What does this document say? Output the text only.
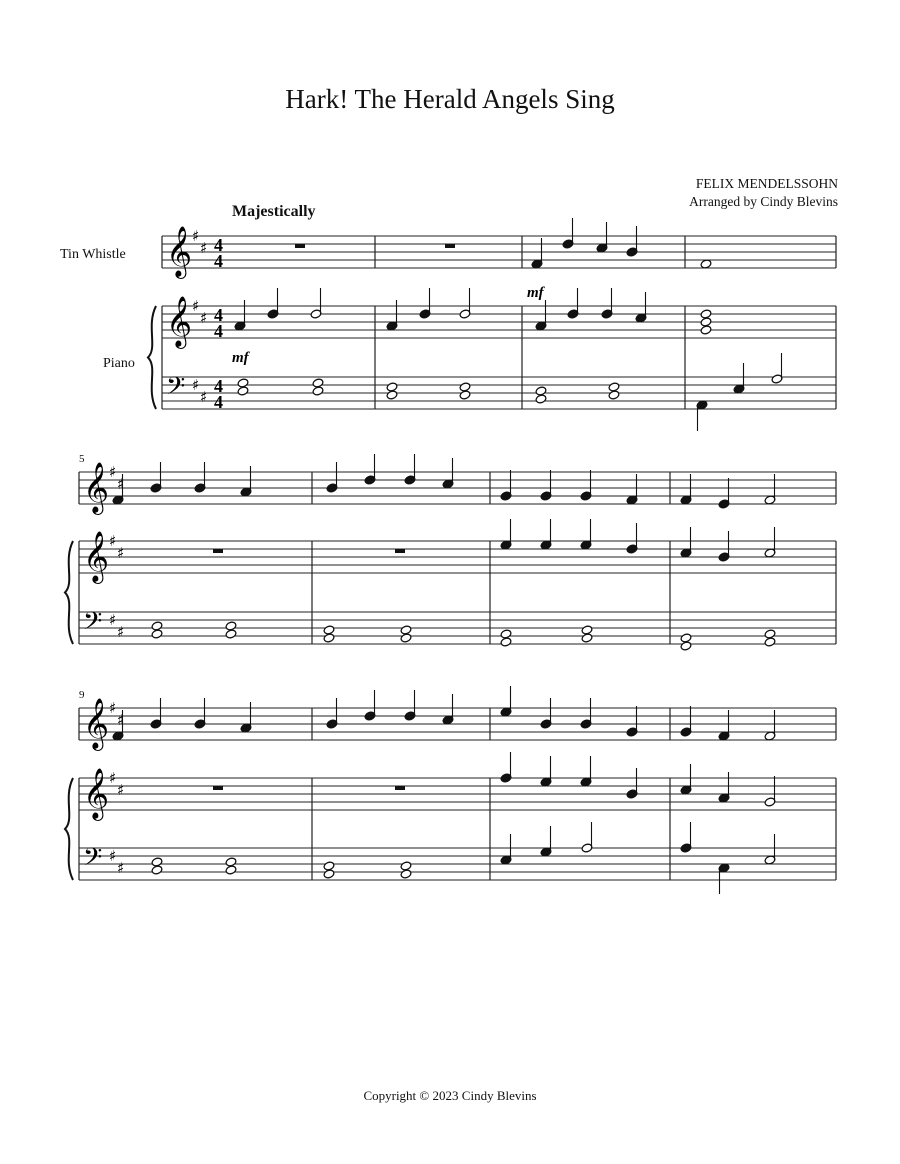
Hark! The Herald Angels Sing
FELIX MENDELSSOHN
Arranged by Cindy Blevins
Majestically
Tin Whistle
Piano
5
9
Copyright © 2023 Cindy Blevins
𝄞 ♯
♯ 4
4
𝄞 ♯
♯ 4
4
𝄢 ♯
♯
4
4
𝄞 ♯
♯
𝄞 ♯
♯
𝄢 ♯
♯
𝄞 ♯
♯
𝄞 ♯
♯
𝄢 ♯
♯
mf
mf
